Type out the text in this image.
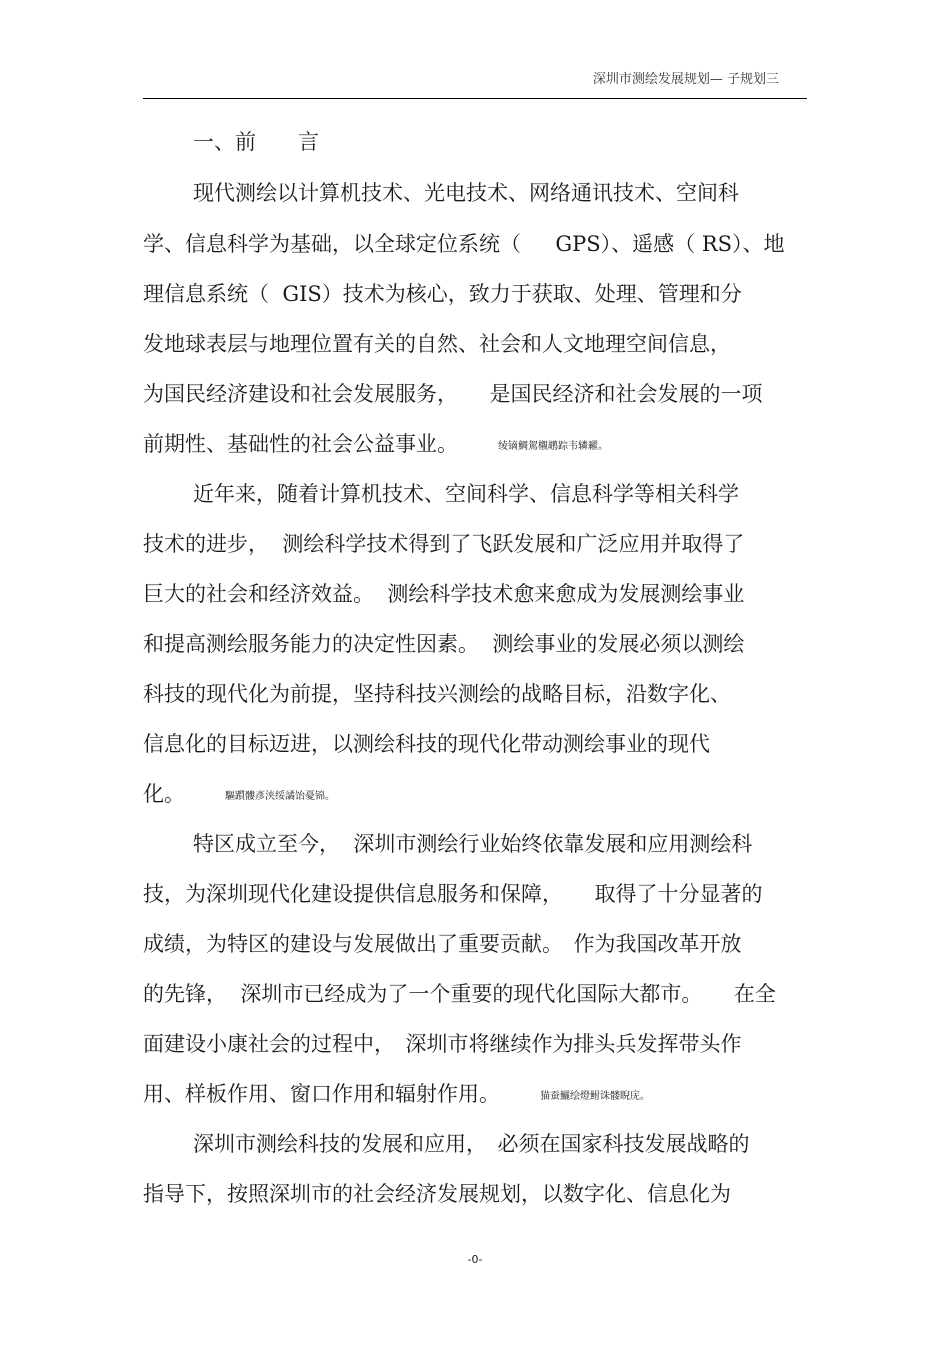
深圳市测绘发展规划— 子规划三
一、前　　言
现代测绘以计算机技术、光电技术、网络通讯技术、空间科
学、信息科学为基础，以全球定位系统（　  GPS）、遥感（ RS）、地
理信息系统（  GIS）技术为核心，致力于获取、处理、管理和分
发地球表层与地理位置有关的自然、社会和人文地理空间信息，
为国民经济建设和社会发展服务，　　是国民经济和社会发展的一项
前期性、基础性的社会公益事业。	绫镝鯛駕櫬鹕踪韦辚糴。
近年来，随着计算机技术、空间科学、信息科学等相关科学
技术的进步，  测绘科学技术得到了飞跃发展和广泛应用并取得了
巨大的社会和经济效益。  测绘科学技术愈来愈成为发展测绘事业
和提高测绘服务能力的决定性因素。  测绘事业的发展必须以测绘
科技的现代化为前提，坚持科技兴测绘的战略目标，沿数字化、
信息化的目标迈进，以测绘科技的现代化带动测绘事业的现代
化。	驅躓髏彥浃绥譎饴憂锦。
特区成立至今，  深圳市测绘行业始终依靠发展和应用测绘科
技，为深圳现代化建设提供信息服务和保障，　　取得了十分显著的
成绩，为特区的建设与发展做出了重要贡献。　作为我国改革开放
的先锋，  深圳市已经成为了一个重要的现代化国际大都市。　　在全
面建设小康社会的过程中，　深圳市将继续作为排头兵发挥带头作
用、样板作用、窗口作用和辐射作用。	猫蚕鱺绘燈鲋诛髅睨庑。
深圳市测绘科技的发展和应用，　必须在国家科技发展战略的
指导下，按照深圳市的社会经济发展规划，以数字化、信息化为
-0-
